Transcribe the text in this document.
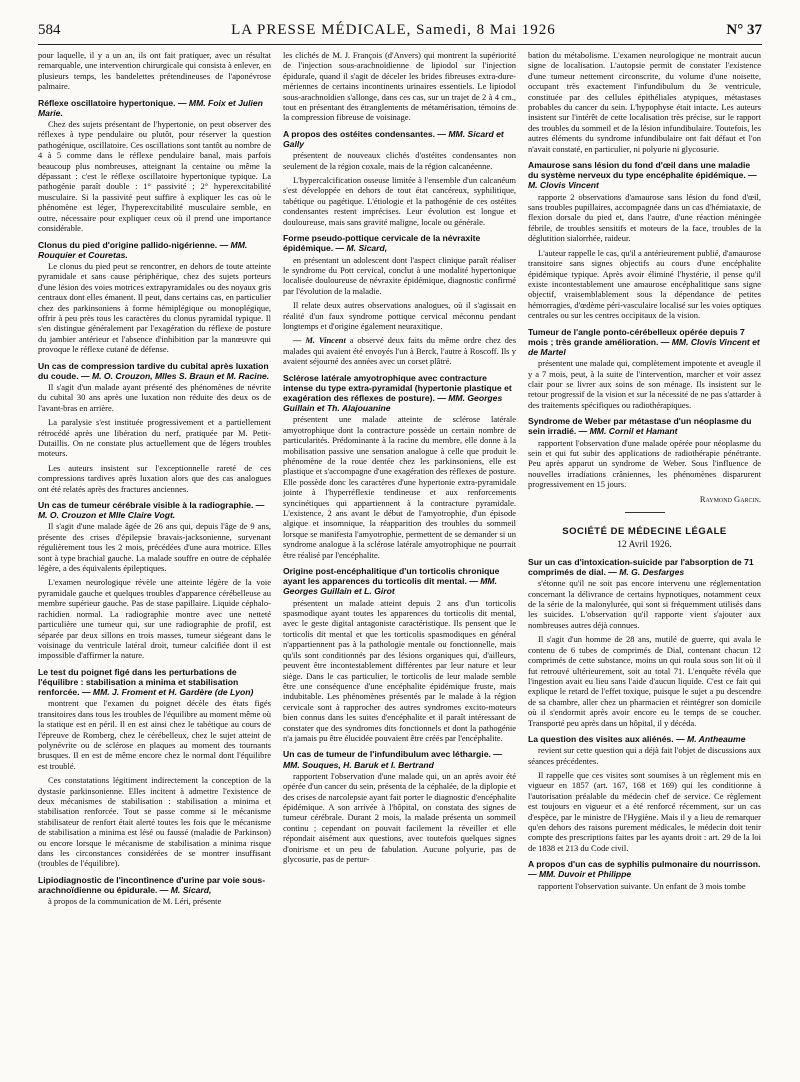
584	LA PRESSE MÉDICALE, Samedi, 8 Mai 1926	N° 37

pour laquelle, il y a un an, ils ont fait pratiquer, avec un résultat remarquable, une intervention chirurgicale qui consista à enlever, en plusieurs temps, les bandelettes prétendineuses de l'aponévrose palmaire.

Réflexe oscillatoire hypertonique. — MM. Foix et Julien Marie.

Chez des sujets présentant de l'hypertonie, on peut observer des réflexes à type pendulaire ou plutôt, pour réserver la question pathogénique, oscillatoire. Ces oscillations sont tantôt au nombre de 4 à 5 comme dans le réflexe pendulaire banal, mais parfois beaucoup plus nombreuses, atteignant la centaine ou même la dépassant : c'est le réflexe oscillatoire hypertonique typique. La pathogénie paraît double : 1° passivité ; 2° hyperexcitabilité musculaire. Si la passivité peut suffire à expliquer les cas où le phénomène est léger, l'hyperexcitabilité musculaire semble, en outre, nécessaire pour expliquer ceux où il prend une importance considérable.

Clonus du pied d'origine pallido-nigérienne. — MM. Rouquier et Couretas.

Le clonus du pied peut se rencontrer, en dehors de toute atteinte pyramidale et sans cause périphérique, chez des sujets porteurs d'une lésion des voies motrices extrapyramidales ou des noyaux gris centraux dont elles émanent. Il peut, dans certains cas, en particulier chez des parkinsoniens à forme hémiplégique ou monoplégique, offrir à peu près tous les caractères du clonus pyramidal typique. Il s'en distingue généralement par l'exagération du réflexe de posture du jambier antérieur et l'absence d'inhibition par la manœuvre qui provoque le réflexe cutané de défense.

Un cas de compression tardive du cubital après luxation du coude. — M. O. Crouzon, Mlles S. Braun et M. Racine.

Il s'agit d'un malade ayant présenté des phénomènes de névrite du cubital 30 ans après une luxation non réduite des deux os de l'avant-bras en arrière.

La paralysie s'est instituée progressivement et a partiellement rétrocédé après une libération du nerf, pratiquée par M. Petit-Dutaillis. On ne constate plus actuellement que de légers troubles moteurs.

Les auteurs insistent sur l'exceptionnelle rareté de ces compressions tardives après luxation alors que des cas analogues ont été relatés après des fractures anciennes.

Un cas de tumeur cérébrale visible à la radiographie. — M. O. Crouzon et Mlle Claire Vogt.

Il s'agit d'une malade âgée de 26 ans qui, depuis l'âge de 9 ans, présente des crises d'épilepsie bravais-jacksonienne, survenant régulièrement tous les 2 mois, précédées d'une aura motrice. Elles sont à type brachial gauche. La malade souffre en outre de céphalée légère, a des équivalents épileptiques.

L'examen neurologique révèle une atteinte légère de la voie pyramidale gauche et quelques troubles d'apparence cérébelleuse au membre supérieur gauche. Pas de stase papillaire. Liquide céphalo-rachidien normal. La radiographie montre avec une netteté particulière une tumeur qui, sur une radiographie de profil, est séparée par deux sillons en trois masses, tumeur siégeant dans le voisinage du ventricule latéral droit, tumeur calcifiée dont il est impossible d'affirmer la nature.

Le test du poignet figé dans les perturbations de l'équilibre : stabilisation a minima et stabilisation renforcée. — MM. J. Froment et H. Gardère (de Lyon)

montrent que l'examen du poignet décèle des états figés transitoires dans tous les troubles de l'équilibre au moment même où la statique est en péril. Il en est ainsi chez le tabétique au cours de l'épreuve de Romberg, chez le cérébelleux, chez le sujet atteint de polynévrite ou de sclérose en plaques au moment des tournants brusques. Il en est de même encore chez le normal dont l'équilibre est troublé.

Ces constatations légitiment indirectement la conception de la dystasie parkinsonienne. Elles incitent à admettre l'existence de deux mécanismes de stabilisation : stabilisation a minima et stabilisation renforcée. Tout se passe comme si le mécanisme stabilisateur de renfort était alerté toutes les fois que le mécanisme de stabilisation a minima est lésé ou faussé (maladie de Parkinson) ou encore lorsque le mécanisme de stabilisation a minima risque dans les circonstances considérées de se montrer insuffisant (troubles de l'équilibre).

Lipiodiagnostic de l'incontinence d'urine par voie sous-arachnoïdienne ou épidurale. — M. Sicard,

à propos de la communication de M. Léri, présente

les clichés de M. J. François (d'Anvers) qui montrent la supériorité de l'injection sous-arachnoïdienne de lipiodol sur l'injection épidurale, quand il s'agit de déceler les brides fibreuses extra-dure-mériennes de certains incontinents urinaires essentiels. Le lipiodol sous-arachnoïdien s'allonge, dans ces cas, sur un trajet de 2 à 4 cm., tout en présentant des étranglements de métamérisation, témoins de la compression fibreuse de voisinage.

A propos des ostéites condensantes. — MM. Sicard et Gally

présentent de nouveaux clichés d'ostéites condensantes non seulement de la région coxale, mais de la région calcanéenne.

L'hypercalcification osseuse limitée à l'ensemble d'un calcanéum s'est développée en dehors de tout état cancéreux, syphilitique, tabétique ou pagétique. L'étiologie et la pathogénie de ces ostéites condensantes restent imprécises. Leur évolution est longue et douloureuse, mais sans gravité maligne, locale ou générale.

Forme pseudo-pottique cervicale de la névraxite épidémique. — M. Sicard,

en présentant un adolescent dont l'aspect clinique paraît réaliser le syndrome du Pott cervical, conclut à une modalité hypertonique localisée douloureuse de névraxite épidémique, diagnostic confirmé par l'évolution de la maladie.

Il relate deux autres observations analogues, où il s'agissait en réalité d'un faux syndrome pottique cervical méconnu pendant longtemps et d'origine également neuraxitique.

— M. Vincent a observé deux faits du même ordre chez des malades qui avaient été envoyés l'un à Berck, l'autre à Roscoff. Ils y avaient séjourné des années avec un corset plâtré.

Sclérose latérale amyotrophique avec contracture intense du type extra-pyramidal (hypertonie plastique et exagération des réflexes de posture). — MM. Georges Guillain et Th. Alajouanine

présentent une malade atteinte de sclérose latérale amyotrophique dont la contracture possède un certain nombre de particularités. Prédominante à la racine du membre, elle donne à la mobilisation passive une sensation analogue à celle que produit le phénomène de la roue dentée chez les parkinsoniens, elle est plastique et s'accompagne d'une exagération des réflexes de posture. Elle possède donc les caractères d'une hypertonie extra-pyramidale jointe à l'hyperréflexie tendineuse et aux renforcements syncinétiques qui appartiennent à la contracture pyramidale. L'existence, 2 ans avant le début de l'amyotrophie, d'un épisode algique et insomnique, la réapparition des troubles du sommeil lorsque se manifesta l'amyotrophie, permettent de se demander si un syndrome analogue à la sclérose latérale amyotrophique ne pourrait être réalisé par l'encéphalite.

Origine post-encéphalitique d'un torticolis chronique ayant les apparences du torticolis dit mental. — MM. Georges Guillain et L. Girot

présentent un malade atteint depuis 2 ans d'un torticolis spasmodique ayant toutes les apparences du torticolis dit mental, avec le geste digital antagoniste caractéristique. Ils pensent que le torticolis dit mental et que les torticolis spasmodiques en général n'appartiennent pas à la pathologie mentale ou fonctionnelle, mais qu'ils sont conditionnés par des lésions organiques qui, d'ailleurs, peuvent être incontestablement différentes par leur nature et leur siège. Dans le cas particulier, le torticolis de leur malade semble être une conséquence d'une encéphalite épidémique fruste, mais indubitable. Les phénomènes présentés par le malade à la région cervicale sont à rapprocher des autres syndromes excito-moteurs bien connus dans les suites d'encéphalite et il paraît intéressant de constater que des syndromes dits fonctionnels et dont la pathogénie n'a jamais pu être élucidée pouvaient être créés par l'encéphalite.

Un cas de tumeur de l'infundibulum avec léthargie. — MM. Souques, H. Baruk et I. Bertrand

rapportent l'observation d'une malade qui, un an après avoir été opérée d'un cancer du sein, présenta de la céphalée, de la diplopie et des crises de narcolepsie ayant fait porter le diagnostic d'encéphalite épidémique. A son arrivée à l'hôpital, on constata des signes de tumeur cérébrale. Durant 2 mois, la malade présenta un sommeil continu ; cependant on pouvait facilement la réveiller et elle répondait aisément aux questions, avec toutefois quelques signes d'onirisme et un peu de fabulation. Aucune polyurie, pas de glycosurie, pas de pertur-

bation du métabolisme. L'examen neurologique ne montrait aucun signe de localisation. L'autopsie permit de constater l'existence d'une tumeur nettement circonscrite, du volume d'une noisette, occupant très exactement l'infundibulum du 3e ventricule, constituée par des cellules épithéliales atypiques, métastases probables du cancer du sein. L'hypophyse était intacte. Les auteurs insistent sur l'intérêt de cette localisation très précise, sur le rapport des troubles du sommeil et de la lésion infundibulaire. Toutefois, les autres éléments du syndrome infundibulaire ont fait défaut et l'on n'avait constaté, en particulier, ni polyurie ni glycosurie.

Amaurose sans lésion du fond d'œil dans une maladie du système nerveux du type encéphalite épidémique. — M. Clovis Vincent

rapporte 2 observations d'amaurose sans lésion du fond d'œil, sans troubles pupillaires, accompagnée dans un cas d'hémiataxie, de flexion dorsale du pied et, dans l'autre, d'une réaction méningée fébrile, de troubles sensitifs et moteurs de la face, troubles de la déglutition sialorrhée, raideur.

L'auteur rappelle le cas, qu'il a antérieurement publié, d'amaurose transitoire sans signes objectifs au cours d'une encéphalite épidémique typique. Après avoir éliminé l'hystérie, il pense qu'il existe incontestablement une amaurose encéphalitique sans signe objectif, vraisemblablement sous la dépendance de petites hémorragies, d'œdème péri-vasculaire localisé sur les voies optiques centrales ou sur les centres occipitaux de la vision.

Tumeur de l'angle ponto-cérébelleux opérée depuis 7 mois ; très grande amélioration. — MM. Clovis Vincent et de Martel

présentent une malade qui, complètement impotente et aveugle il y a 7 mois, peut, à la suite de l'intervention, marcher et voir assez clair pour se livrer aux soins de son ménage. Ils insistent sur le retour progressif de la vision et sur la nécessité de ne pas s'attarder à des traitements spécifiques ou radiothérapiques.

Syndrome de Weber par métastase d'un néoplasme du sein irradié. — MM. Cornil et Hamant

rapportent l'observation d'une malade opérée pour néoplasme du sein et qui fut subir des applications de radiothérapie pénétrante. Peu après apparut un syndrome de Weber. Sous l'influence de nouvelles irradiations crâniennes, les phénomènes disparurent progressivement en 15 jours.

Raymond Garcin.
SOCIÉTÉ DE MÉDECINE LÉGALE
12 Avril 1926.
Sur un cas d'intoxication-suicide par l'absorption de 71 comprimés de dial. — M. G. Desfarges

s'étonne qu'il ne soit pas encore intervenu une réglementation concernant la délivrance de certains hypnotiques, notamment ceux de la série de la malonylurée, qui sont si fréquemment utilisés dans les suicides. L'observation qu'il rapporte vient s'ajouter aux nombreuses autres déjà connues.

Il s'agit d'un homme de 28 ans, mutilé de guerre, qui avala le contenu de 6 tubes de comprimés de Dial, contenant chacun 12 comprimés de cette substance, moins un qui roula sous son lit où il fut retrouvé ultérieurement, soit au total 71. L'enquête révéla que l'ingestion avait eu lieu sans l'aide d'aucun liquide. C'est ce fait qui explique le retard de l'effet toxique, puisque le sujet a pu descendre de sa chambre, aller chez un pharmacien et réintégrer son domicile où il s'endormit après avoir encore eu le temps de se coucher. Transporté peu après dans un hôpital, il y décéda.

La question des visites aux aliénés. — M. Antheaume

revient sur cette question qui a déjà fait l'objet de discussions aux séances précédentes.

Il rappelle que ces visites sont soumises à un règlement mis en vigueur en 1857 (art. 167, 168 et 169) qui les conditionne à l'autorisation préalable du médecin chef de service. Ce règlement est toujours en vigueur et a été renforcé récemment, sur un cas d'espèce, par le ministre de l'Hygiène. Mais il y a lieu de remarquer qu'en dehors des raisons purement médicales, le médecin doit tenir compte des prescriptions faites par les ayants droit : art. 29 de la loi de 1838 et 213 du Code civil.

A propos d'un cas de syphilis pulmonaire du nourrisson. — MM. Duvoir et Philippe

rapportent l'observation suivante. Un enfant de 3 mois tombe
